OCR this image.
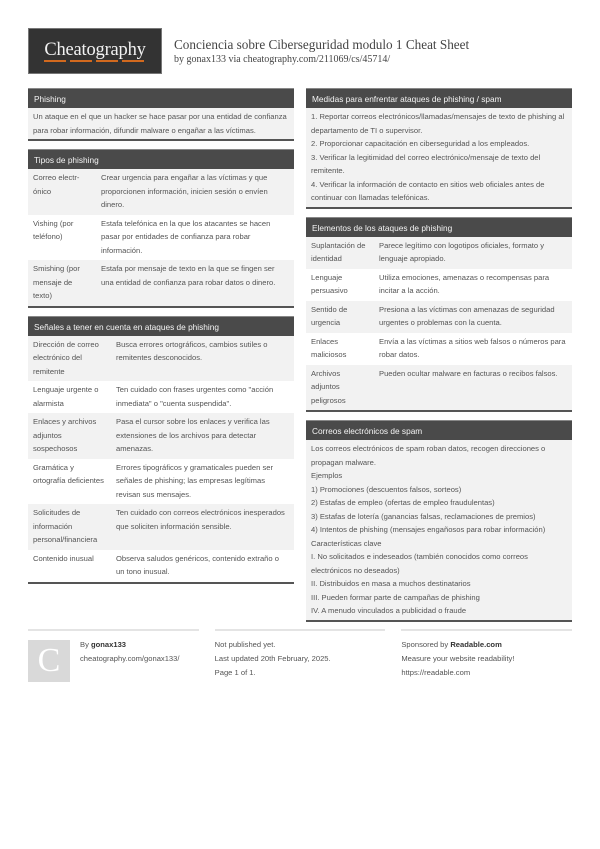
Cheatography Conciencia sobre Ciberseguridad modulo 1 Cheat Sheet
by gonax133 via cheatography.com/211069/cs/45714/
Phishing

Un ataque en el que un hacker se hace pasar por una entidad de confianza para robar información, difundir malware o engañar a las víctimas.

Tipos de phishing
Correo electrónico	Crear urgencia para engañar a las víctimas y que proporcionen información, inicien sesión o envíen dinero.
Vishing (por teléfono)	Estafa telefónica en la que los atacantes se hacen pasar por entidades de confianza para robar información.
Smishing (por mensaje de texto)	Estafa por mensaje de texto en la que se fingen ser una entidad de confianza para robar datos o dinero.
Señales a tener en cuenta en ataques de phishing
Dirección de correo electrónico del remitente	Busca errores ortográficos, cambios sutiles o remitentes desconocidos.
Lenguaje urgente o alarmista	Ten cuidado con frases urgentes como "acción inmediata" o "cuenta suspendida".
Enlaces y archivos adjuntos sospechosos	Pasa el cursor sobre los enlaces y verifica las extensiones de los archivos para detectar amenazas.
Gramática y ortografía deficientes	Errores tipográficos y gramaticales pueden ser señales de phishing; las empresas legítimas revisan sus mensajes.
Solicitudes de información personal/financiera	Ten cuidado con correos electrónicos inesperados que soliciten información sensible.
Contenido inusual	Observa saludos genéricos, contenido extraño o un tono inusual.
Medidas para enfrentar ataques de phishing / spam

1. Reportar correos electrónicos/llamadas/mensajes de texto de phishing al departamento de TI o supervisor.

2. Proporcionar capacitación en ciberseguridad a los empleados.

3. Verificar la legitimidad del correo electrónico/mensaje de texto del remitente.

4. Verificar la información de contacto en sitios web oficiales antes de continuar con llamadas telefónicas.

Elementos de los ataques de phishing
Suplantación de identidad	Parece legítimo con logotipos oficiales, formato y lenguaje apropiado.
Lenguaje persuasivo	Utiliza emociones, amenazas o recompensas para incitar a la acción.
Sentido de urgencia	Presiona a las víctimas con amenazas de seguridad urgentes o problemas con la cuenta.
Enlaces maliciosos	Envía a las víctimas a sitios web falsos o números para robar datos.
Archivos adjuntos peligrosos	Pueden ocultar malware en facturas o recibos falsos.
Correos electrónicos de spam

Los correos electrónicos de spam roban datos, recogen direcciones o propagan malware.

Ejemplos

1) Promociones (descuentos falsos, sorteos)

2) Estafas de empleo (ofertas de empleo fraudulentas)

3) Estafas de lotería (ganancias falsas, reclamaciones de premios)

4) Intentos de phishing (mensajes engañosos para robar información)

Características clave

I. No solicitados e indeseados (también conocidos como correos electrónicos no deseados)

II. Distribuidos en masa a muchos destinatarios

III. Pueden formar parte de campañas de phishing

IV. A menudo vinculados a publicidad o fraude

C	By gonax133
cheatography.com/gonax133/
Not published yet.
Last updated 20th February, 2025.
Page 1 of 1.
Sponsored by Readable.com
Measure your website readability!
https://readable.com
